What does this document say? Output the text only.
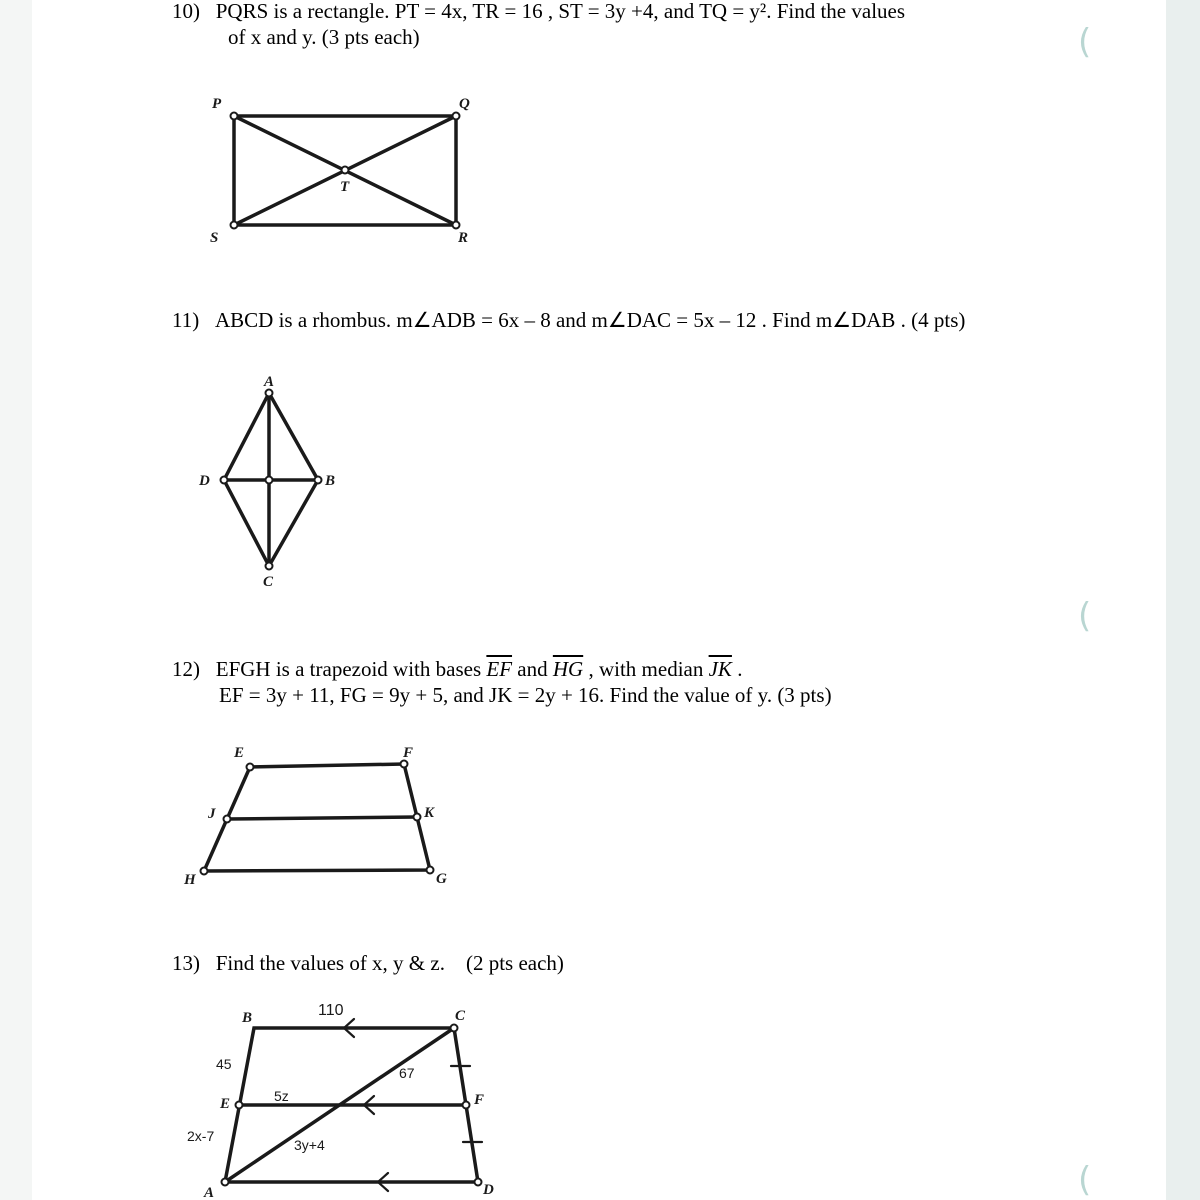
(
(
(
10) PQRS is a rectangle. PT = 4x, TR = 16 , ST = 3y +4, and TQ = y². Find the values
of x and y. (3 pts each)
11) ABCD is a rhombus. m∠ADB = 6x – 8 and m∠DAC = 5x – 12 . Find m∠DAB . (4 pts)
12) EFGH is a trapezoid with bases $\overline{EF}$ and $\overline{HG}$ , with median $\overline{JK}$ .
EF = 3y + 11, FG = 9y + 5, and JK = 2y + 16. Find the value of y. (3 pts)
13) Find the values of x, y & z. (2 pts each)
P	Q
R
S
T
A
B
C
D
E	F
G
H
J	K
B	C
D
A
E	F
110
45
2x-7
67
5z
3y+4
